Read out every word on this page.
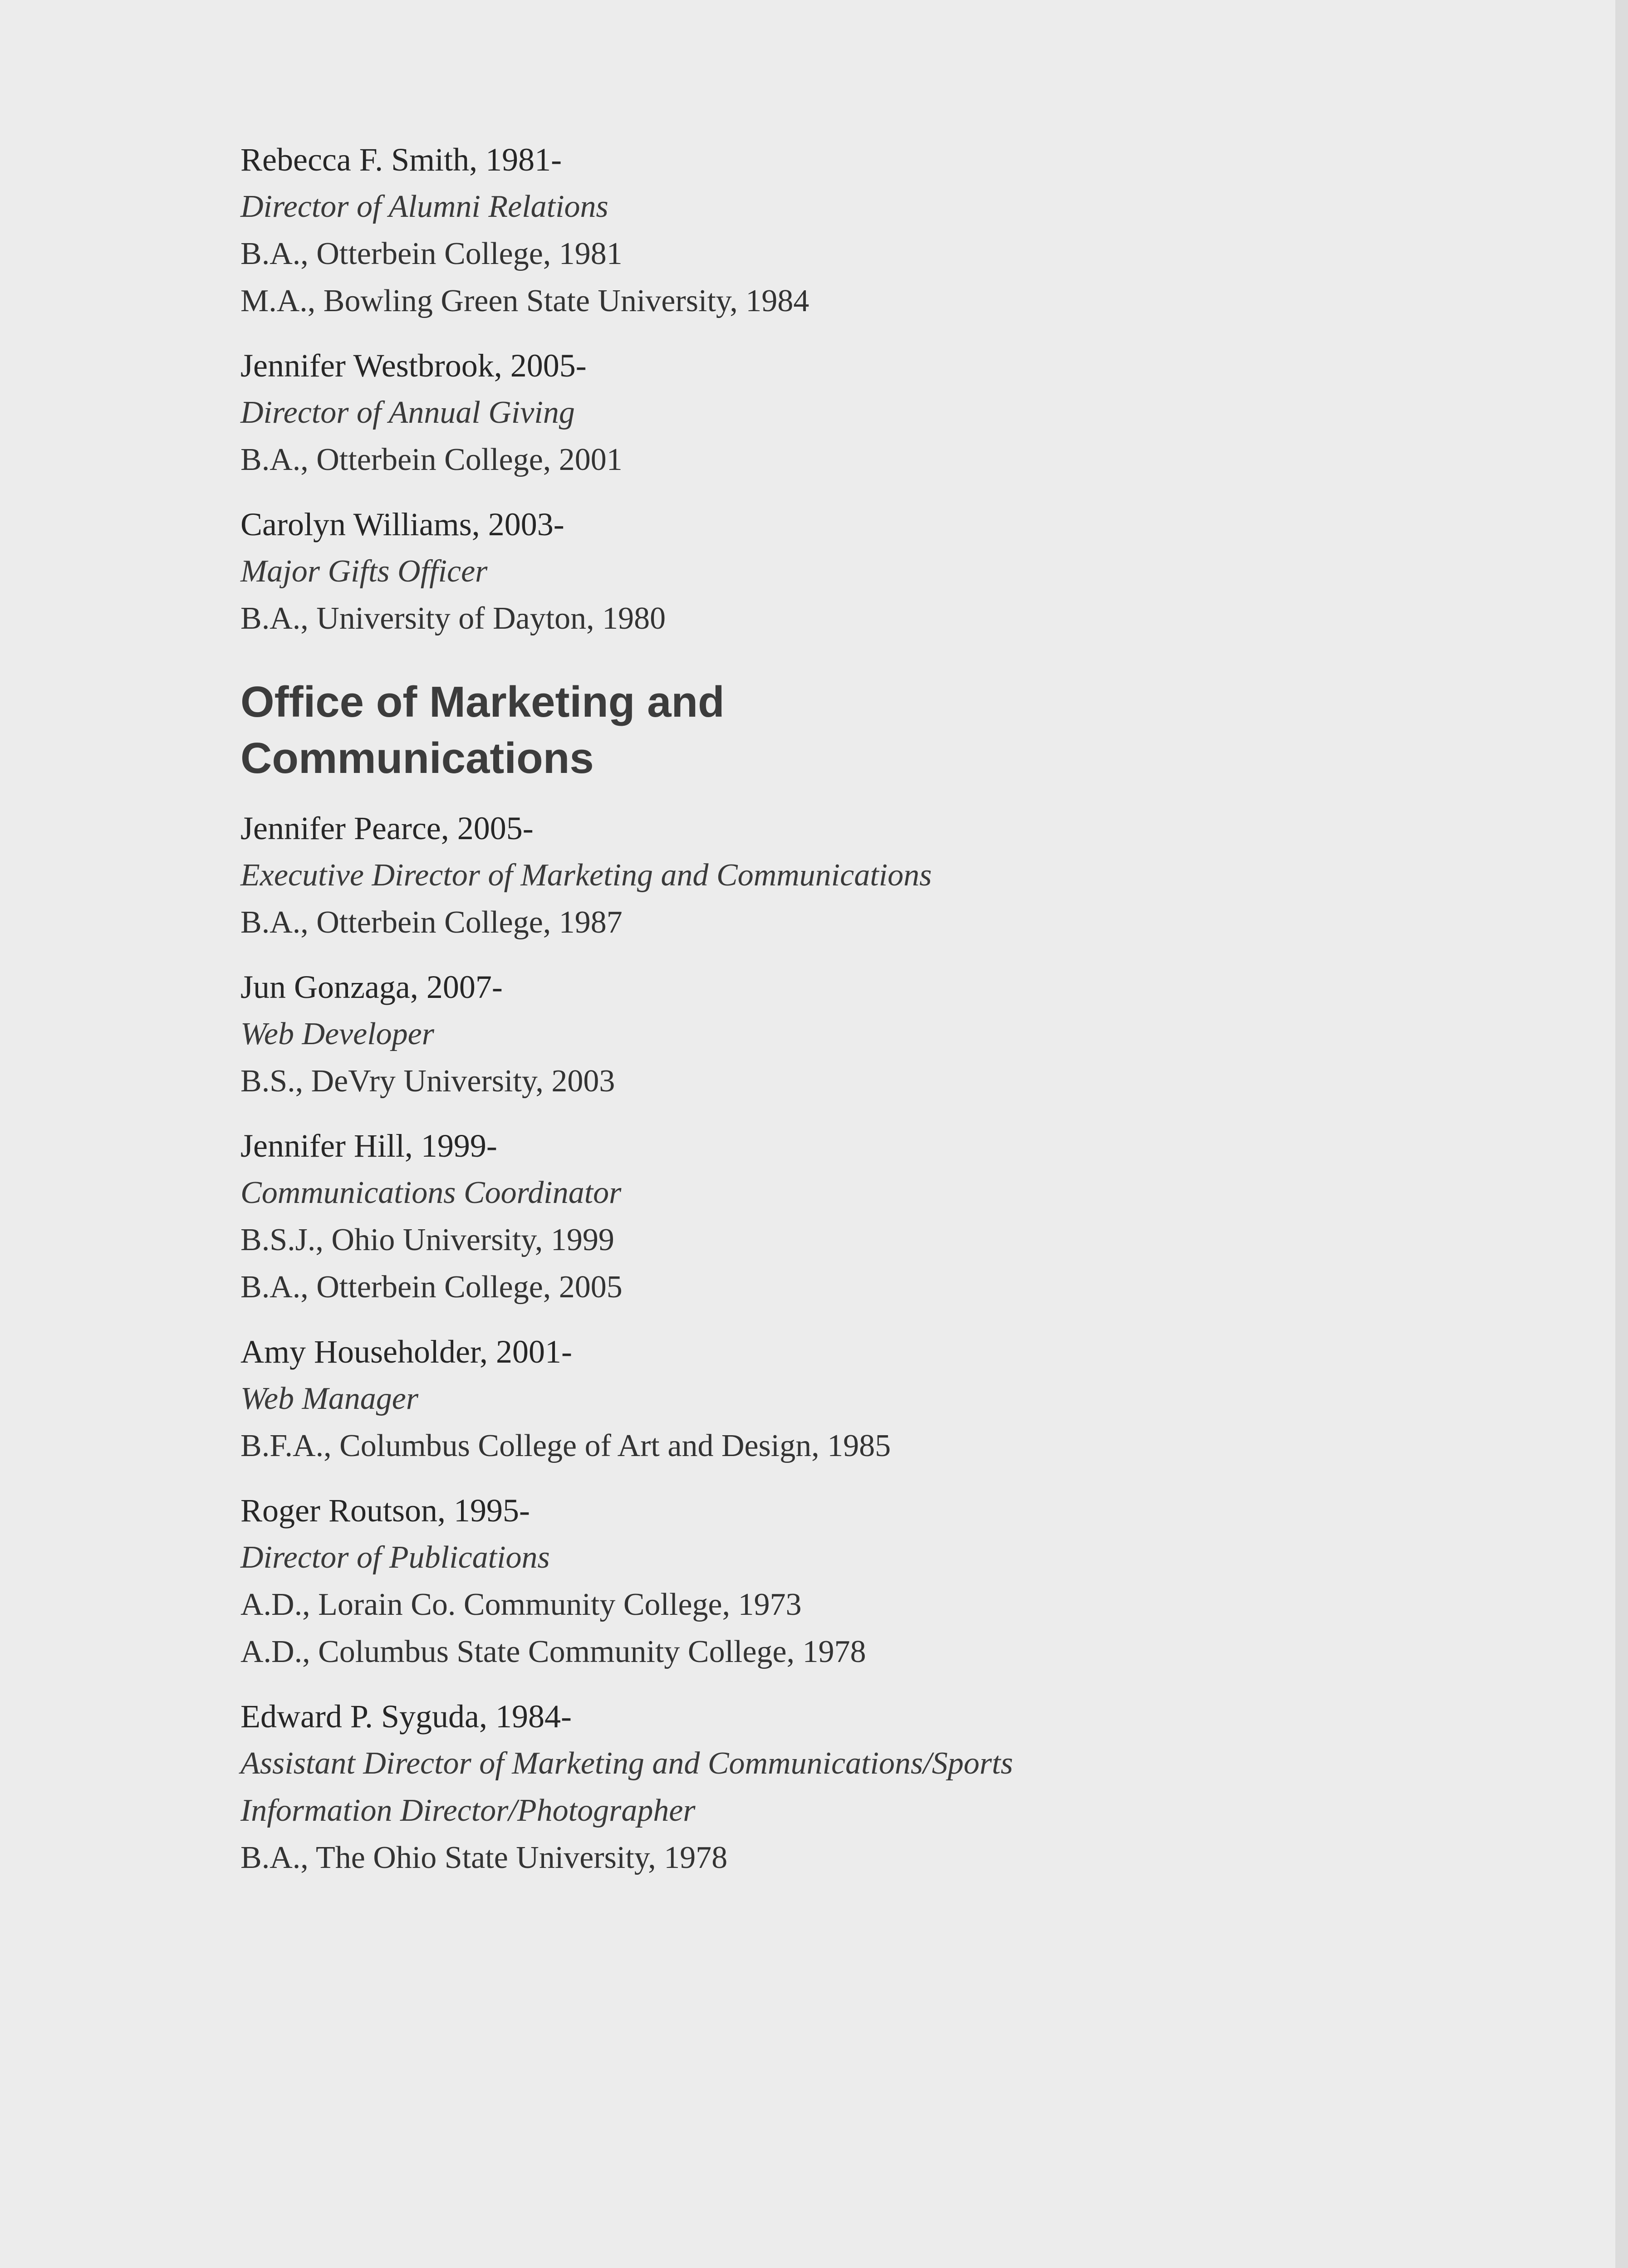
Rebecca F. Smith, 1981-
Director of Alumni Relations
B.A., Otterbein College, 1981
M.A., Bowling Green State University, 1984
Jennifer Westbrook, 2005-
Director of Annual Giving
B.A., Otterbein College, 2001
Carolyn Williams, 2003-
Major Gifts Officer
B.A., University of Dayton, 1980
Office of Marketing and Communications
Jennifer Pearce, 2005-
Executive Director of Marketing and Communications
B.A., Otterbein College, 1987
Jun Gonzaga, 2007-
Web Developer
B.S., DeVry University, 2003
Jennifer Hill, 1999-
Communications Coordinator
B.S.J., Ohio University, 1999
B.A., Otterbein College, 2005
Amy Householder, 2001-
Web Manager
B.F.A., Columbus College of Art and Design, 1985
Roger Routson, 1995-
Director of Publications
A.D., Lorain Co. Community College, 1973
A.D., Columbus State Community College, 1978
Edward P. Syguda, 1984-
Assistant Director of Marketing and Communications/Sports Information Director/Photographer
B.A., The Ohio State University, 1978
